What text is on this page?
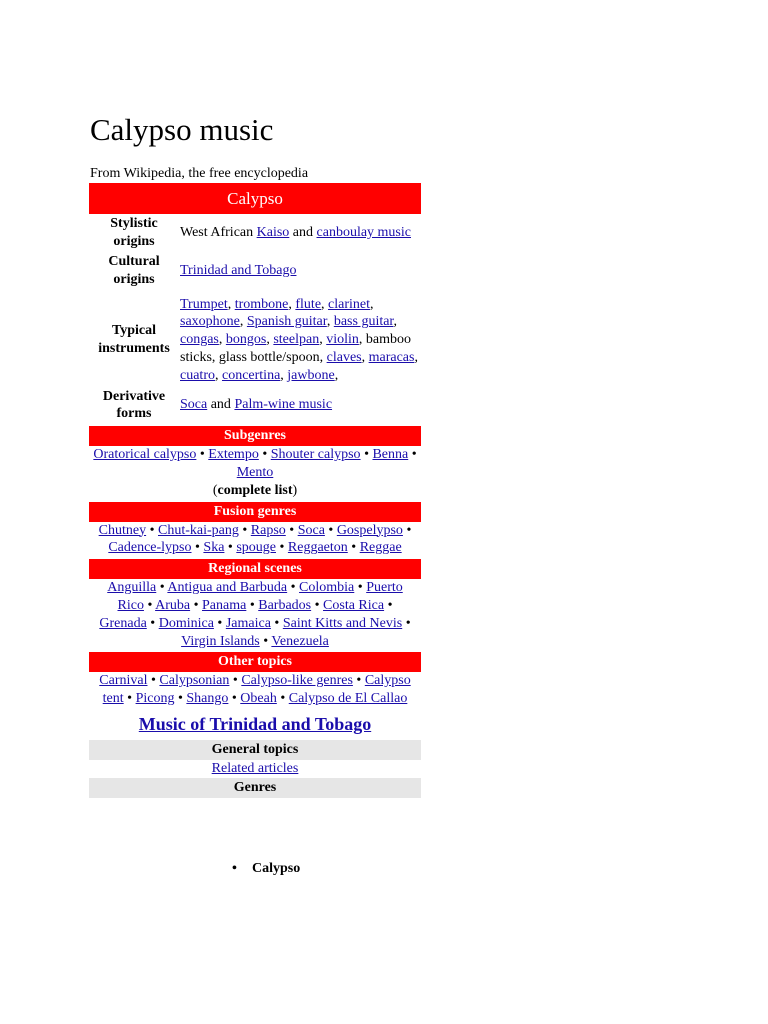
Calypso music
From Wikipedia, the free encyclopedia
Calypso
Stylistic origins
West African Kaiso and canboulay music
Cultural origins
Trinidad and Tobago
Typical instruments
Trumpet, trombone, flute, clarinet, saxophone, Spanish guitar, bass guitar, congas, bongos, steelpan, violin, bamboo sticks, glass bottle/spoon, claves, maracas, cuatro, concertina, jawbone,
Derivative forms
Soca and Palm-wine music
Subgenres
Oratorical calypso • Extempo • Shouter calypso • Benna • Mento
(complete list)
Fusion genres
Chutney • Chut-kai-pang • Rapso • Soca • Gospelypso • Cadence-lypso • Ska • spouge • Reggaeton • Reggae
Regional scenes
Anguilla • Antigua and Barbuda • Colombia • Puerto Rico • Aruba • Panama • Barbados • Costa Rica • Grenada • Dominica • Jamaica • Saint Kitts and Nevis • Virgin Islands • Venezuela
Other topics
Carnival • Calypsonian • Calypso-like genres • Calypso tent • Picong • Shango • Obeah • Calypso de El Callao
Music of Trinidad and Tobago
General topics
Related articles
Genres
• Calypso
